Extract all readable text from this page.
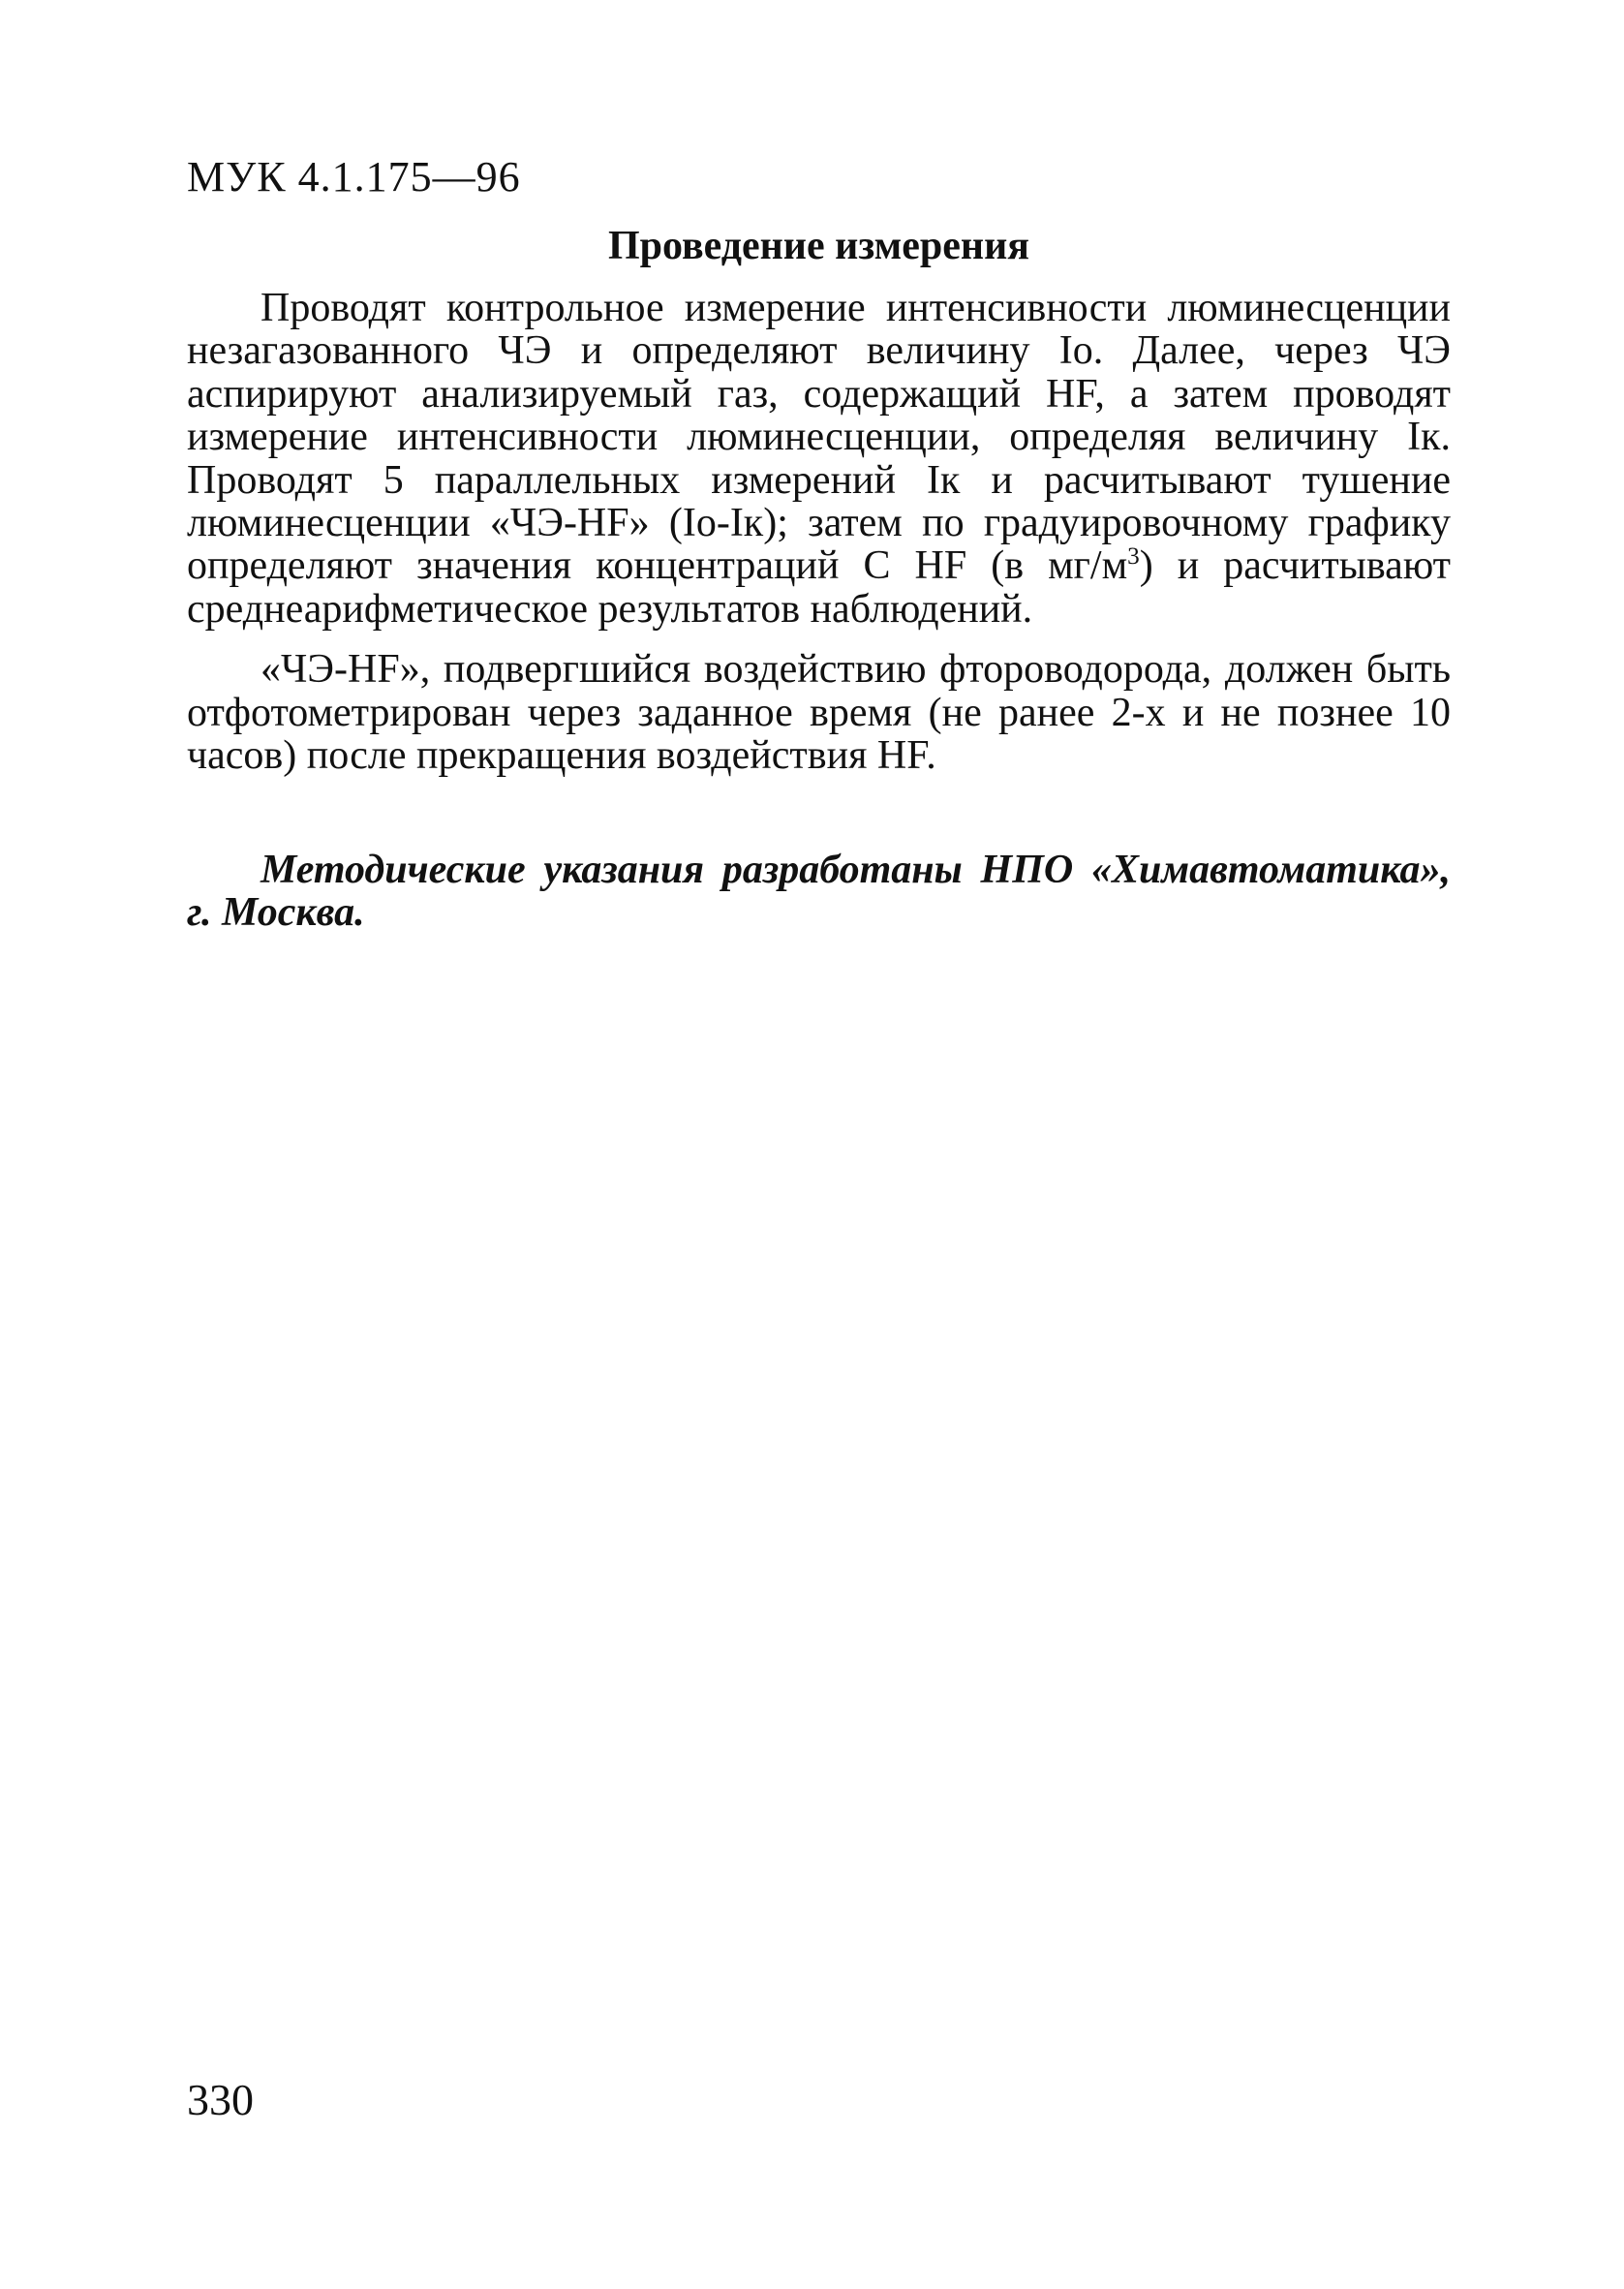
МУК 4.1.175—96
Проведение измерения

Проводят контрольное измерение интенсивности люминесценции незагазованного ЧЭ и определяют величину Iо. Далее, через ЧЭ аспирируют анализируемый газ, содержащий HF, а затем проводят измерение интенсивности люминесценции, определяя величину Iк. Проводят 5 параллельных измерений Iк и расчитывают тушение люминесценции «ЧЭ-HF» (Iо-Iк); затем по градуировочному графику определяют значения концентраций С HF (в $мг/м^3$) и расчитывают среднеарифметическое результатов наблюдений.

«ЧЭ-HF», подвергшийся воздействию фтороводорода, должен быть отфотометрирован через заданное время (не ранее 2-х и не познее 10 часов) после прекращения воздействия HF.

Методические указания разработаны НПО «Химавтоматика», г. Москва.

330
